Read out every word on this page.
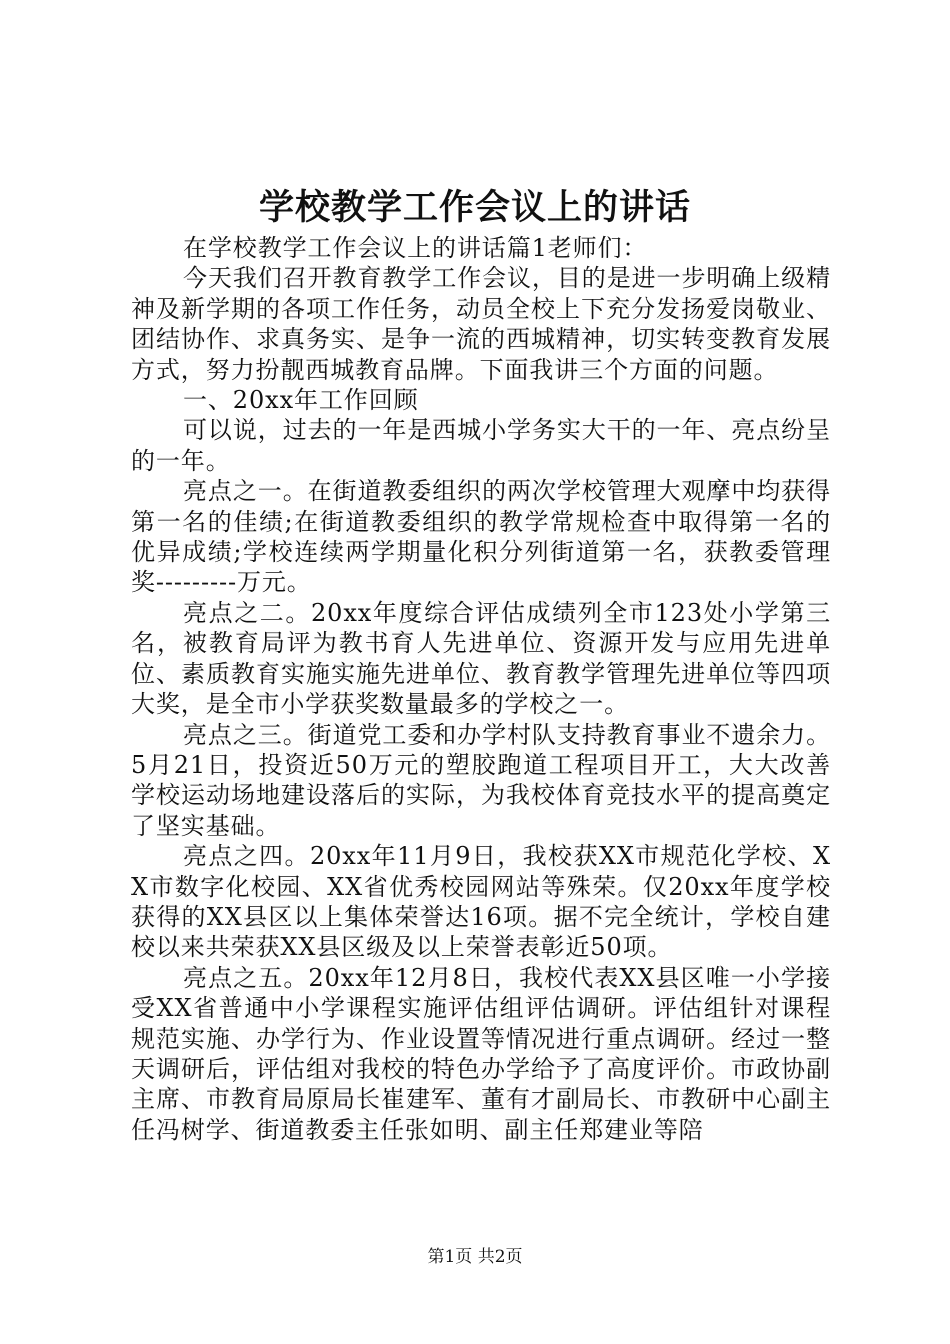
学校教学工作会议上的讲话

在学校教学工作会议上的讲话篇1老师们：

今天我们召开教育教学工作会议，目的是进一步明确上级精神及新学期的各项工作任务，动员全校上下充分发扬爱岗敬业、团结协作、求真务实、是争一流的西城精神，切实转变教育发展方式，努力扮靓西城教育品牌。下面我讲三个方面的问题。

一、20xx年工作回顾

可以说，过去的一年是西城小学务实大干的一年、亮点纷呈的一年。

亮点之一。在街道教委组织的两次学校管理大观摩中均获得第一名的佳绩;在街道教委组织的教学常规检查中取得第一名的优异成绩;学校连续两学期量化积分列街道第一名，获教委管理奖---------万元。

亮点之二。20xx年度综合评估成绩列全市123处小学第三名，被教育局评为教书育人先进单位、资源开发与应用先进单位、素质教育实施实施先进单位、教育教学管理先进单位等四项大奖，是全市小学获奖数量最多的学校之一。

亮点之三。街道党工委和办学村队支持教育事业不遗余力。5月21日，投资近50万元的塑胶跑道工程项目开工，大大改善学校运动场地建设落后的实际，为我校体育竞技水平的提高奠定了坚实基础。

亮点之四。20xx年11月9日，我校获XX市规范化学校、XX市数字化校园、XX省优秀校园网站等殊荣。仅20xx年度学校获得的XX县区以上集体荣誉达16项。据不完全统计，学校自建校以来共荣获XX县区级及以上荣誉表彰近50项。

亮点之五。20xx年12月8日，我校代表XX县区唯一小学接受XX省普通中小学课程实施评估组评估调研。评估组针对课程规范实施、办学行为、作业设置等情况进行重点调研。经过一整天调研后，评估组对我校的特色办学给予了高度评价。市政协副主席、市教育局原局长崔建军、董有才副局长、市教研中心副主任冯树学、街道教委主任张如明、副主任郑建业等陪

第1页 共2页
